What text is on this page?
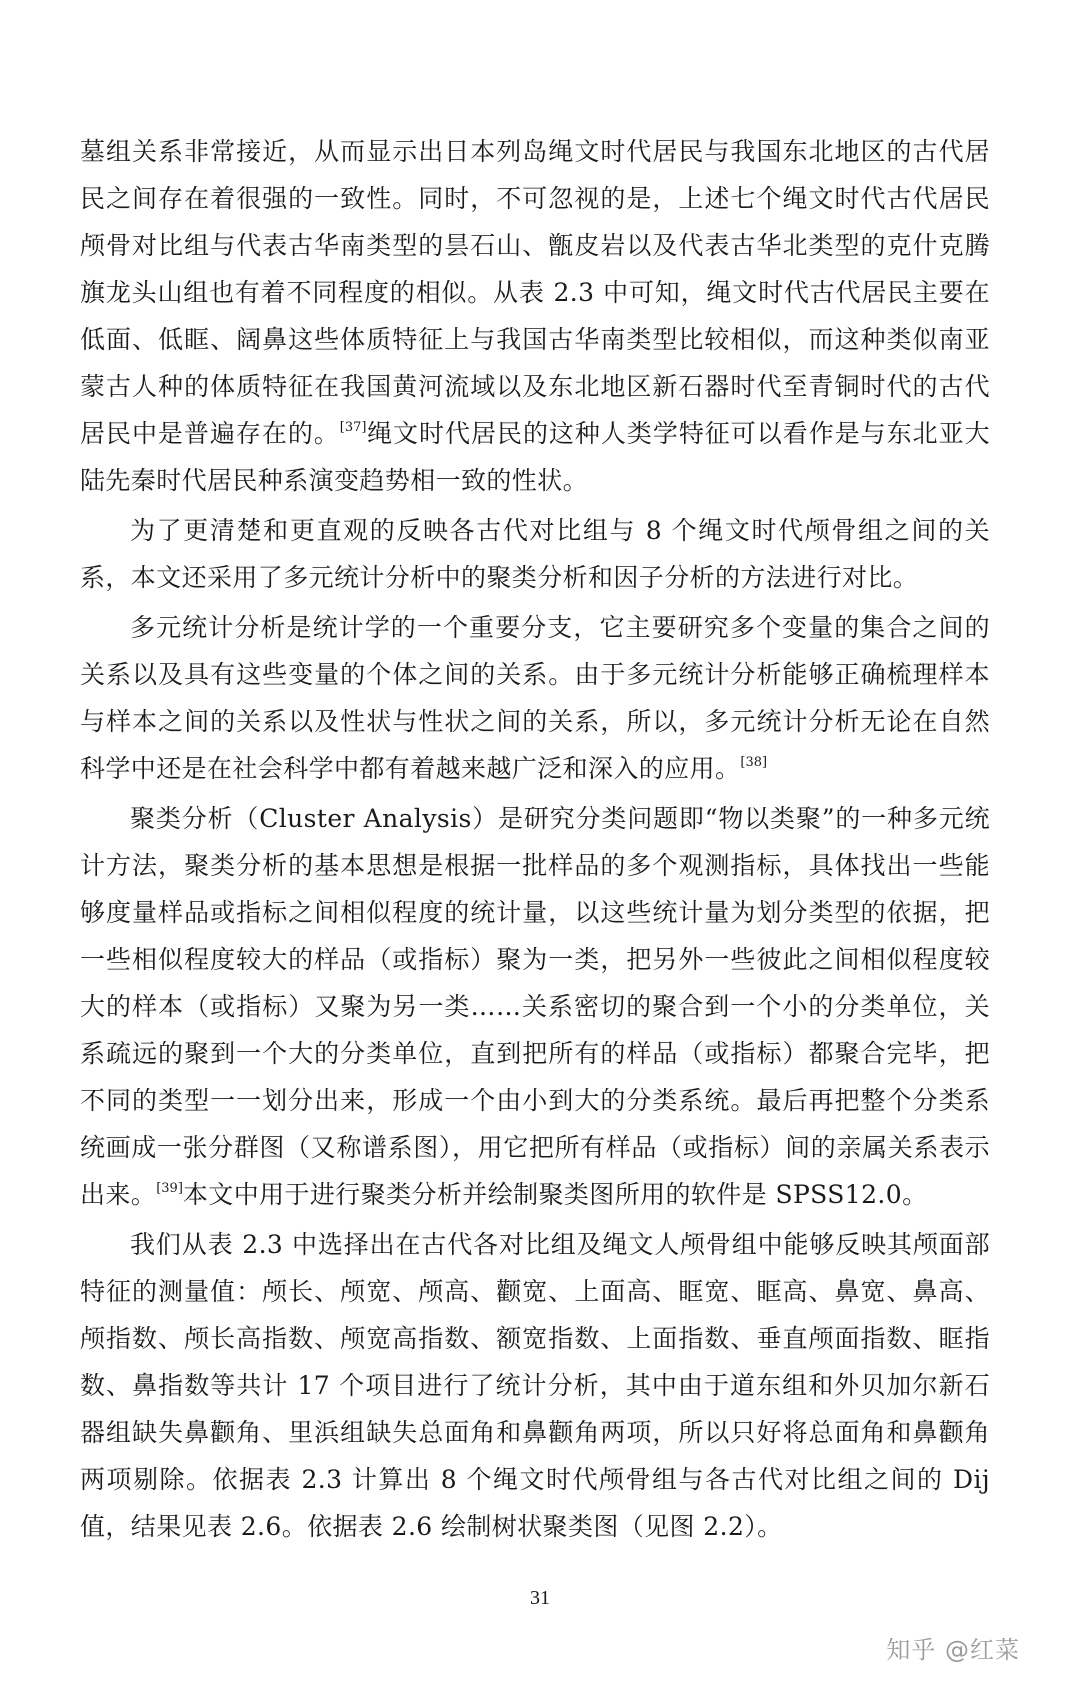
墓组关系非常接近，从而显示出日本列岛绳文时代居民与我国东北地区的古代居民之间存在着很强的一致性。同时，不可忽视的是，上述七个绳文时代古代居民颅骨对比组与代表古华南类型的昙石山、甑皮岩以及代表古华北类型的克什克腾旗龙头山组也有着不同程度的相似。从表 2.3 中可知，绳文时代古代居民主要在低面、低眶、阔鼻这些体质特征上与我国古华南类型比较相似，而这种类似南亚蒙古人种的体质特征在我国黄河流域以及东北地区新石器时代至青铜时代的古代居民中是普遍存在的。[37]绳文时代居民的这种人类学特征可以看作是与东北亚大陆先秦时代居民种系演变趋势相一致的性状。

为了更清楚和更直观的反映各古代对比组与 8 个绳文时代颅骨组之间的关系，本文还采用了多元统计分析中的聚类分析和因子分析的方法进行对比。

多元统计分析是统计学的一个重要分支，它主要研究多个变量的集合之间的关系以及具有这些变量的个体之间的关系。由于多元统计分析能够正确梳理样本与样本之间的关系以及性状与性状之间的关系，所以，多元统计分析无论在自然科学中还是在社会科学中都有着越来越广泛和深入的应用。[38]

聚类分析（Cluster Analysis）是研究分类问题即“物以类聚”的一种多元统计方法，聚类分析的基本思想是根据一批样品的多个观测指标，具体找出一些能够度量样品或指标之间相似程度的统计量，以这些统计量为划分类型的依据，把一些相似程度较大的样品（或指标）聚为一类，把另外一些彼此之间相似程度较大的样本（或指标）又聚为另一类……关系密切的聚合到一个小的分类单位，关系疏远的聚到一个大的分类单位，直到把所有的样品（或指标）都聚合完毕，把不同的类型一一划分出来，形成一个由小到大的分类系统。最后再把整个分类系统画成一张分群图（又称谱系图），用它把所有样品（或指标）间的亲属关系表示出来。[39]本文中用于进行聚类分析并绘制聚类图所用的软件是 SPSS12.0。

我们从表 2.3 中选择出在古代各对比组及绳文人颅骨组中能够反映其颅面部特征的测量值：颅长、颅宽、颅高、颧宽、上面高、眶宽、眶高、鼻宽、鼻高、颅指数、颅长高指数、颅宽高指数、额宽指数、上面指数、垂直颅面指数、眶指数、鼻指数等共计 17 个项目进行了统计分析，其中由于道东组和外贝加尔新石器组缺失鼻颧角、里浜组缺失总面角和鼻颧角两项，所以只好将总面角和鼻颧角两项剔除。依据表 2.3 计算出 8 个绳文时代颅骨组与各古代对比组之间的 Dij 值，结果见表 2.6。依据表 2.6 绘制树状聚类图（见图 2.2）。

31
知乎 @红菜
